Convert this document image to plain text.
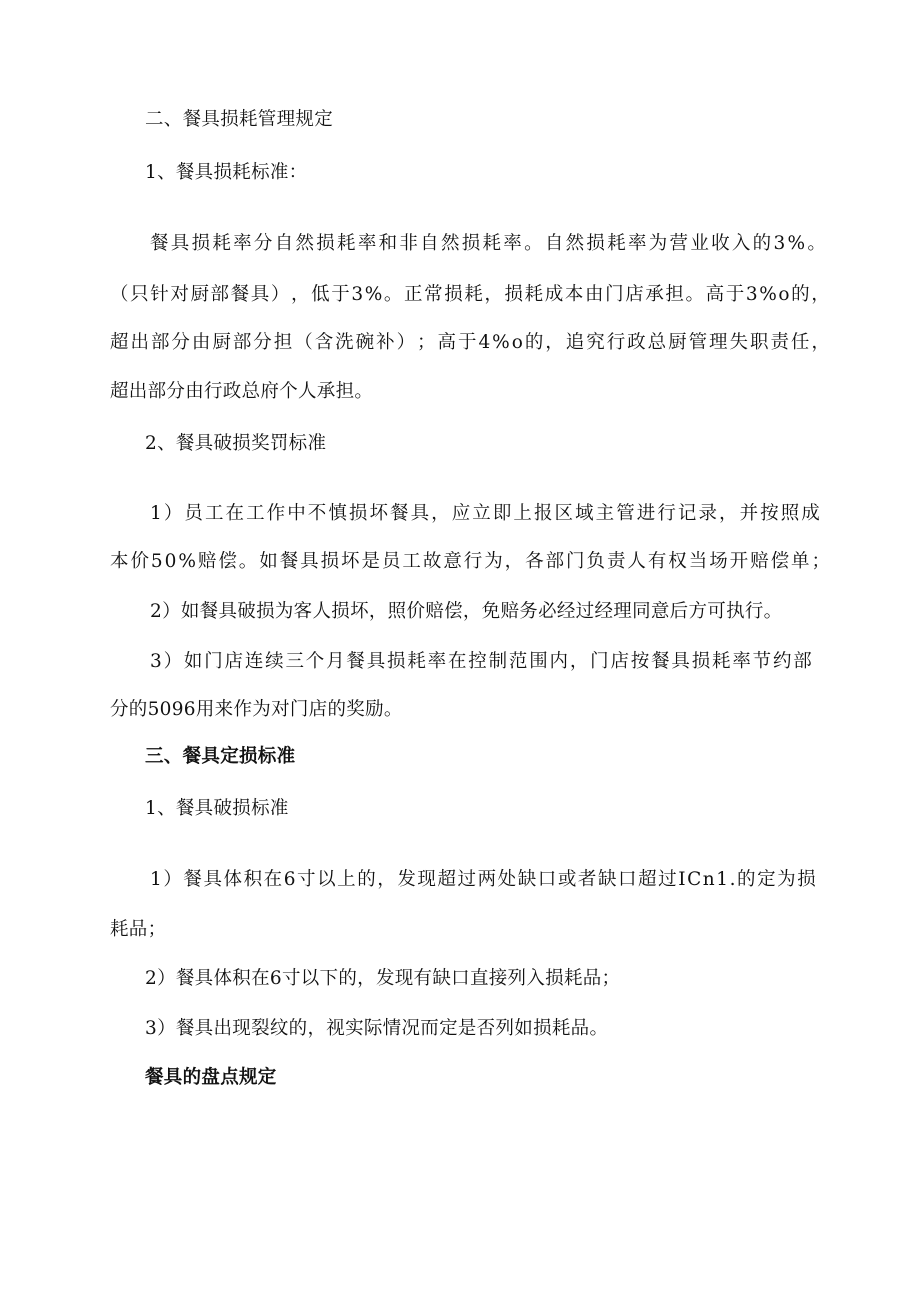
二、餐具损耗管理规定
1、餐具损耗标准：
餐 具 损 耗 率 分 自 然 损 耗 率 和 非 自 然 损 耗 率 。 自 然 损 耗 率 为 营 业 收 入 的 3 % 。
（ 只 针 对 厨 部 餐 具 ） ， 低 于 3 % 。 正 常 损 耗 ， 损 耗 成 本 由 门 店 承 担 。 高 于 3 % o 的 ，
超 出 部 分 由 厨 部 分 担 （ 含 洗 碗 补 ） ； 高 于 4 % o 的 ， 追 究 行 政 总 厨 管 理 失 职 责 任 ，
超出部分由行政总府个人承担。
2、餐具破损奖罚标准
1 ） 员 工 在 工 作 中 不 慎 损 坏 餐 具 ， 应 立 即 上 报 区 域 主 管 进 行 记 录 ， 并 按 照 成
本 价 5 0 % 赔 偿 。 如 餐 具 损 坏 是 员 工 故 意 行 为 ， 各 部 门 负 责 人 有 权 当 场 开 赔 偿 单 ；
2）如餐具破损为客人损坏，照价赔偿，免赔务必经过经理同意后方可执行。
3 ） 如 门 店 连 续 三 个 月 餐 具 损 耗 率 在 控 制 范 围 内 ， 门 店 按 餐 具 损 耗 率 节 约 部
分的5096用来作为对门店的奖励。
三、餐具定损标准
1、餐具破损标准
1 ） 餐 具 体 积 在 6 寸 以 上 的 ， 发 现 超 过 两 处 缺 口 或 者 缺 口 超 过 I C n 1 . 的 定 为 损
耗品；
2）餐具体积在6寸以下的，发现有缺口直接列入损耗品；
3）餐具出现裂纹的，视实际情况而定是否列如损耗品。
餐具的盘点规定
